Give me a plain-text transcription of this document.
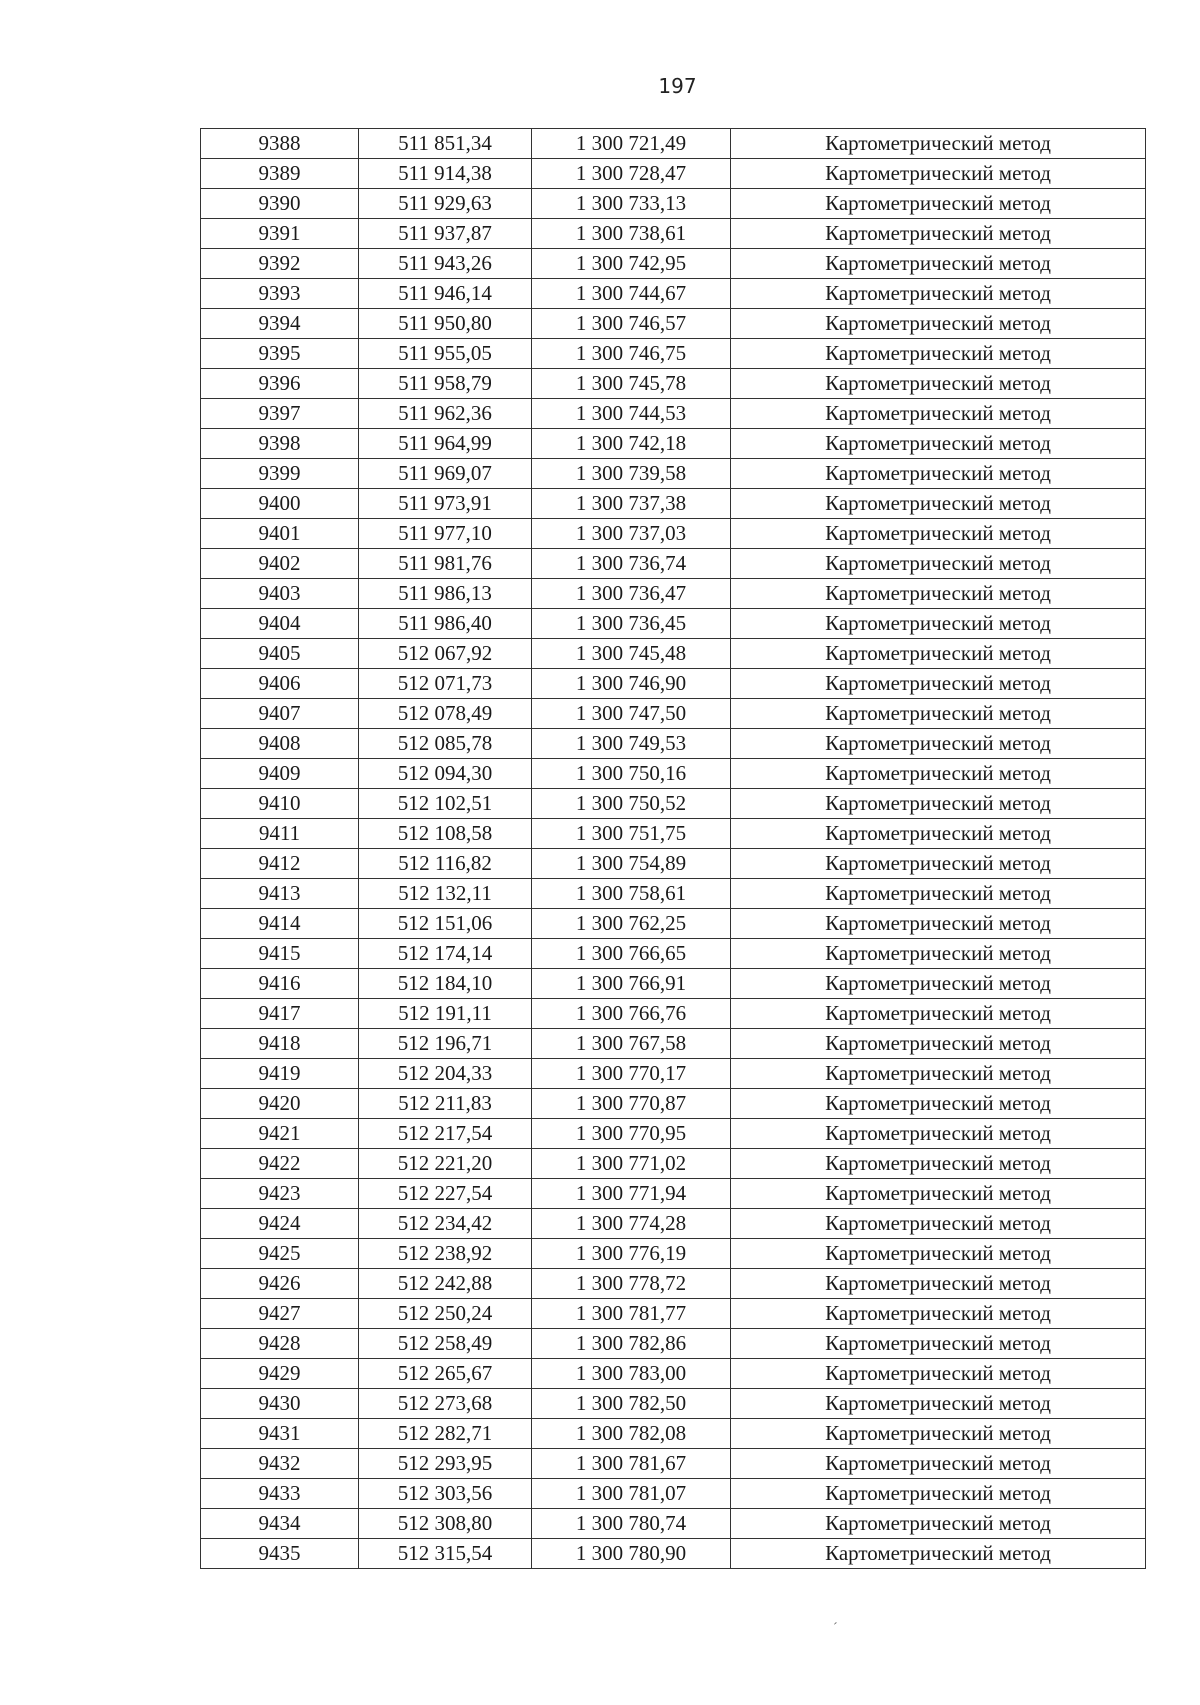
197
9388	511 851,34	1 300 721,49	Картометрический метод
9389	511 914,38	1 300 728,47	Картометрический метод
9390	511 929,63	1 300 733,13	Картометрический метод
9391	511 937,87	1 300 738,61	Картометрический метод
9392	511 943,26	1 300 742,95	Картометрический метод
9393	511 946,14	1 300 744,67	Картометрический метод
9394	511 950,80	1 300 746,57	Картометрический метод
9395	511 955,05	1 300 746,75	Картометрический метод
9396	511 958,79	1 300 745,78	Картометрический метод
9397	511 962,36	1 300 744,53	Картометрический метод
9398	511 964,99	1 300 742,18	Картометрический метод
9399	511 969,07	1 300 739,58	Картометрический метод
9400	511 973,91	1 300 737,38	Картометрический метод
9401	511 977,10	1 300 737,03	Картометрический метод
9402	511 981,76	1 300 736,74	Картометрический метод
9403	511 986,13	1 300 736,47	Картометрический метод
9404	511 986,40	1 300 736,45	Картометрический метод
9405	512 067,92	1 300 745,48	Картометрический метод
9406	512 071,73	1 300 746,90	Картометрический метод
9407	512 078,49	1 300 747,50	Картометрический метод
9408	512 085,78	1 300 749,53	Картометрический метод
9409	512 094,30	1 300 750,16	Картометрический метод
9410	512 102,51	1 300 750,52	Картометрический метод
9411	512 108,58	1 300 751,75	Картометрический метод
9412	512 116,82	1 300 754,89	Картометрический метод
9413	512 132,11	1 300 758,61	Картометрический метод
9414	512 151,06	1 300 762,25	Картометрический метод
9415	512 174,14	1 300 766,65	Картометрический метод
9416	512 184,10	1 300 766,91	Картометрический метод
9417	512 191,11	1 300 766,76	Картометрический метод
9418	512 196,71	1 300 767,58	Картометрический метод
9419	512 204,33	1 300 770,17	Картометрический метод
9420	512 211,83	1 300 770,87	Картометрический метод
9421	512 217,54	1 300 770,95	Картометрический метод
9422	512 221,20	1 300 771,02	Картометрический метод
9423	512 227,54	1 300 771,94	Картометрический метод
9424	512 234,42	1 300 774,28	Картометрический метод
9425	512 238,92	1 300 776,19	Картометрический метод
9426	512 242,88	1 300 778,72	Картометрический метод
9427	512 250,24	1 300 781,77	Картометрический метод
9428	512 258,49	1 300 782,86	Картометрический метод
9429	512 265,67	1 300 783,00	Картометрический метод
9430	512 273,68	1 300 782,50	Картометрический метод
9431	512 282,71	1 300 782,08	Картометрический метод
9432	512 293,95	1 300 781,67	Картометрический метод
9433	512 303,56	1 300 781,07	Картометрический метод
9434	512 308,80	1 300 780,74	Картометрический метод
9435	512 315,54	1 300 780,90	Картометрический метод
ˊ
